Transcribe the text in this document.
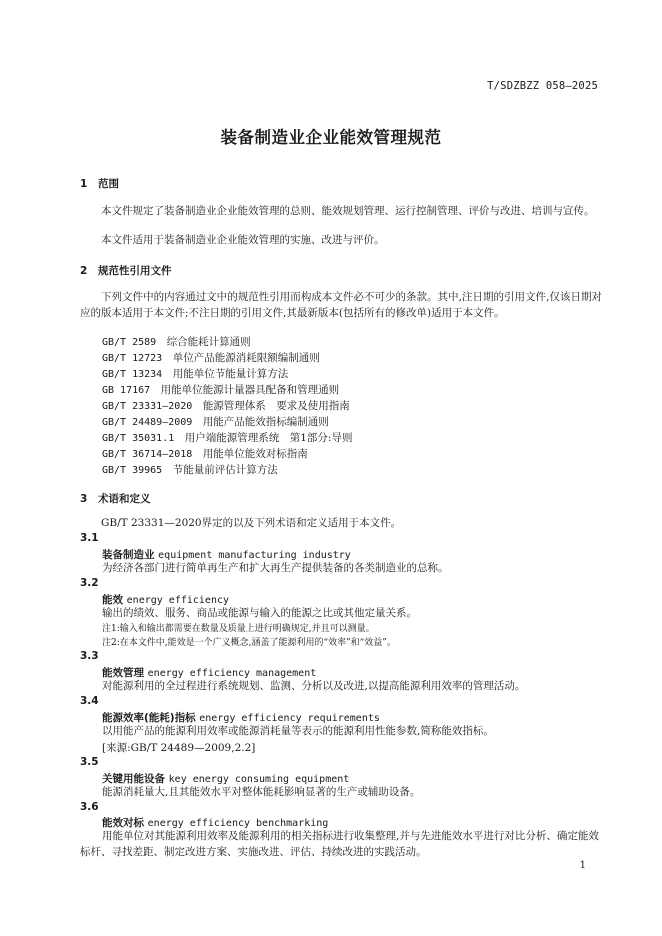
T/SDZBZZ 058—2025
装备制造业企业能效管理规范
1 范围
本文件规定了装备制造业企业能效管理的总则、能效规划管理、运行控制管理、评价与改进、培训与宣传。
本文件适用于装备制造业企业能效管理的实施、改进与评价。
2 规范性引用文件
下列文件中的内容通过文中的规范性引用而构成本文件必不可少的条款。其中,注日期的引用文件,仅该日期对应的版本适用于本文件;不注日期的引用文件,其最新版本(包括所有的修改单)适用于本文件。
GB/T 2589　 综合能耗计算通则
GB/T 12723　 单位产品能源消耗限额编制通则
GB/T 13234　 用能单位节能量计算方法
GB 17167　 用能单位能源计量器具配备和管理通则
GB/T 23331—2020　 能源管理体系　要求及使用指南
GB/T 24489—2009　 用能产品能效指标编制通则
GB/T 35031.1　 用户端能源管理系统　第1部分:导则
GB/T 36714—2018　 用能单位能效对标指南
GB/T 39965　 节能量前评估计算方法
3 术语和定义
GB/T 23331—2020界定的以及下列术语和定义适用于本文件。
3.1
装备制造业 equipment manufacturing industry
为经济各部门进行简单再生产和扩大再生产提供装备的各类制造业的总称。
3.2
能效 energy efficiency
输出的绩效、服务、商品或能源与输入的能源之比或其他定量关系。
注1:输入和输出都需要在数量及质量上进行明确规定,并且可以测量。
注2:在本文件中,能效是一个广义概念,涵盖了能源利用的“效率”和“效益”。
3.3
能效管理 energy efficiency management
对能源利用的全过程进行系统规划、监测、分析以及改进,以提高能源利用效率的管理活动。
3.4
能源效率(能耗)指标 energy efficiency requirements
以用能产品的能源利用效率或能源消耗量等表示的能源利用性能参数,简称能效指标。
[来源:GB/T 24489—2009,2.2]
3.5
关键用能设备 key energy consuming equipment
能源消耗量大,且其能效水平对整体能耗影响显著的生产或辅助设备。
3.6
能效对标 energy efficiency benchmarking
用能单位对其能源利用效率及能源利用的相关指标进行收集整理,并与先进能效水平进行对比分析、确定能效标杆、寻找差距、制定改进方案、实施改进、评估、持续改进的实践活动。
1
